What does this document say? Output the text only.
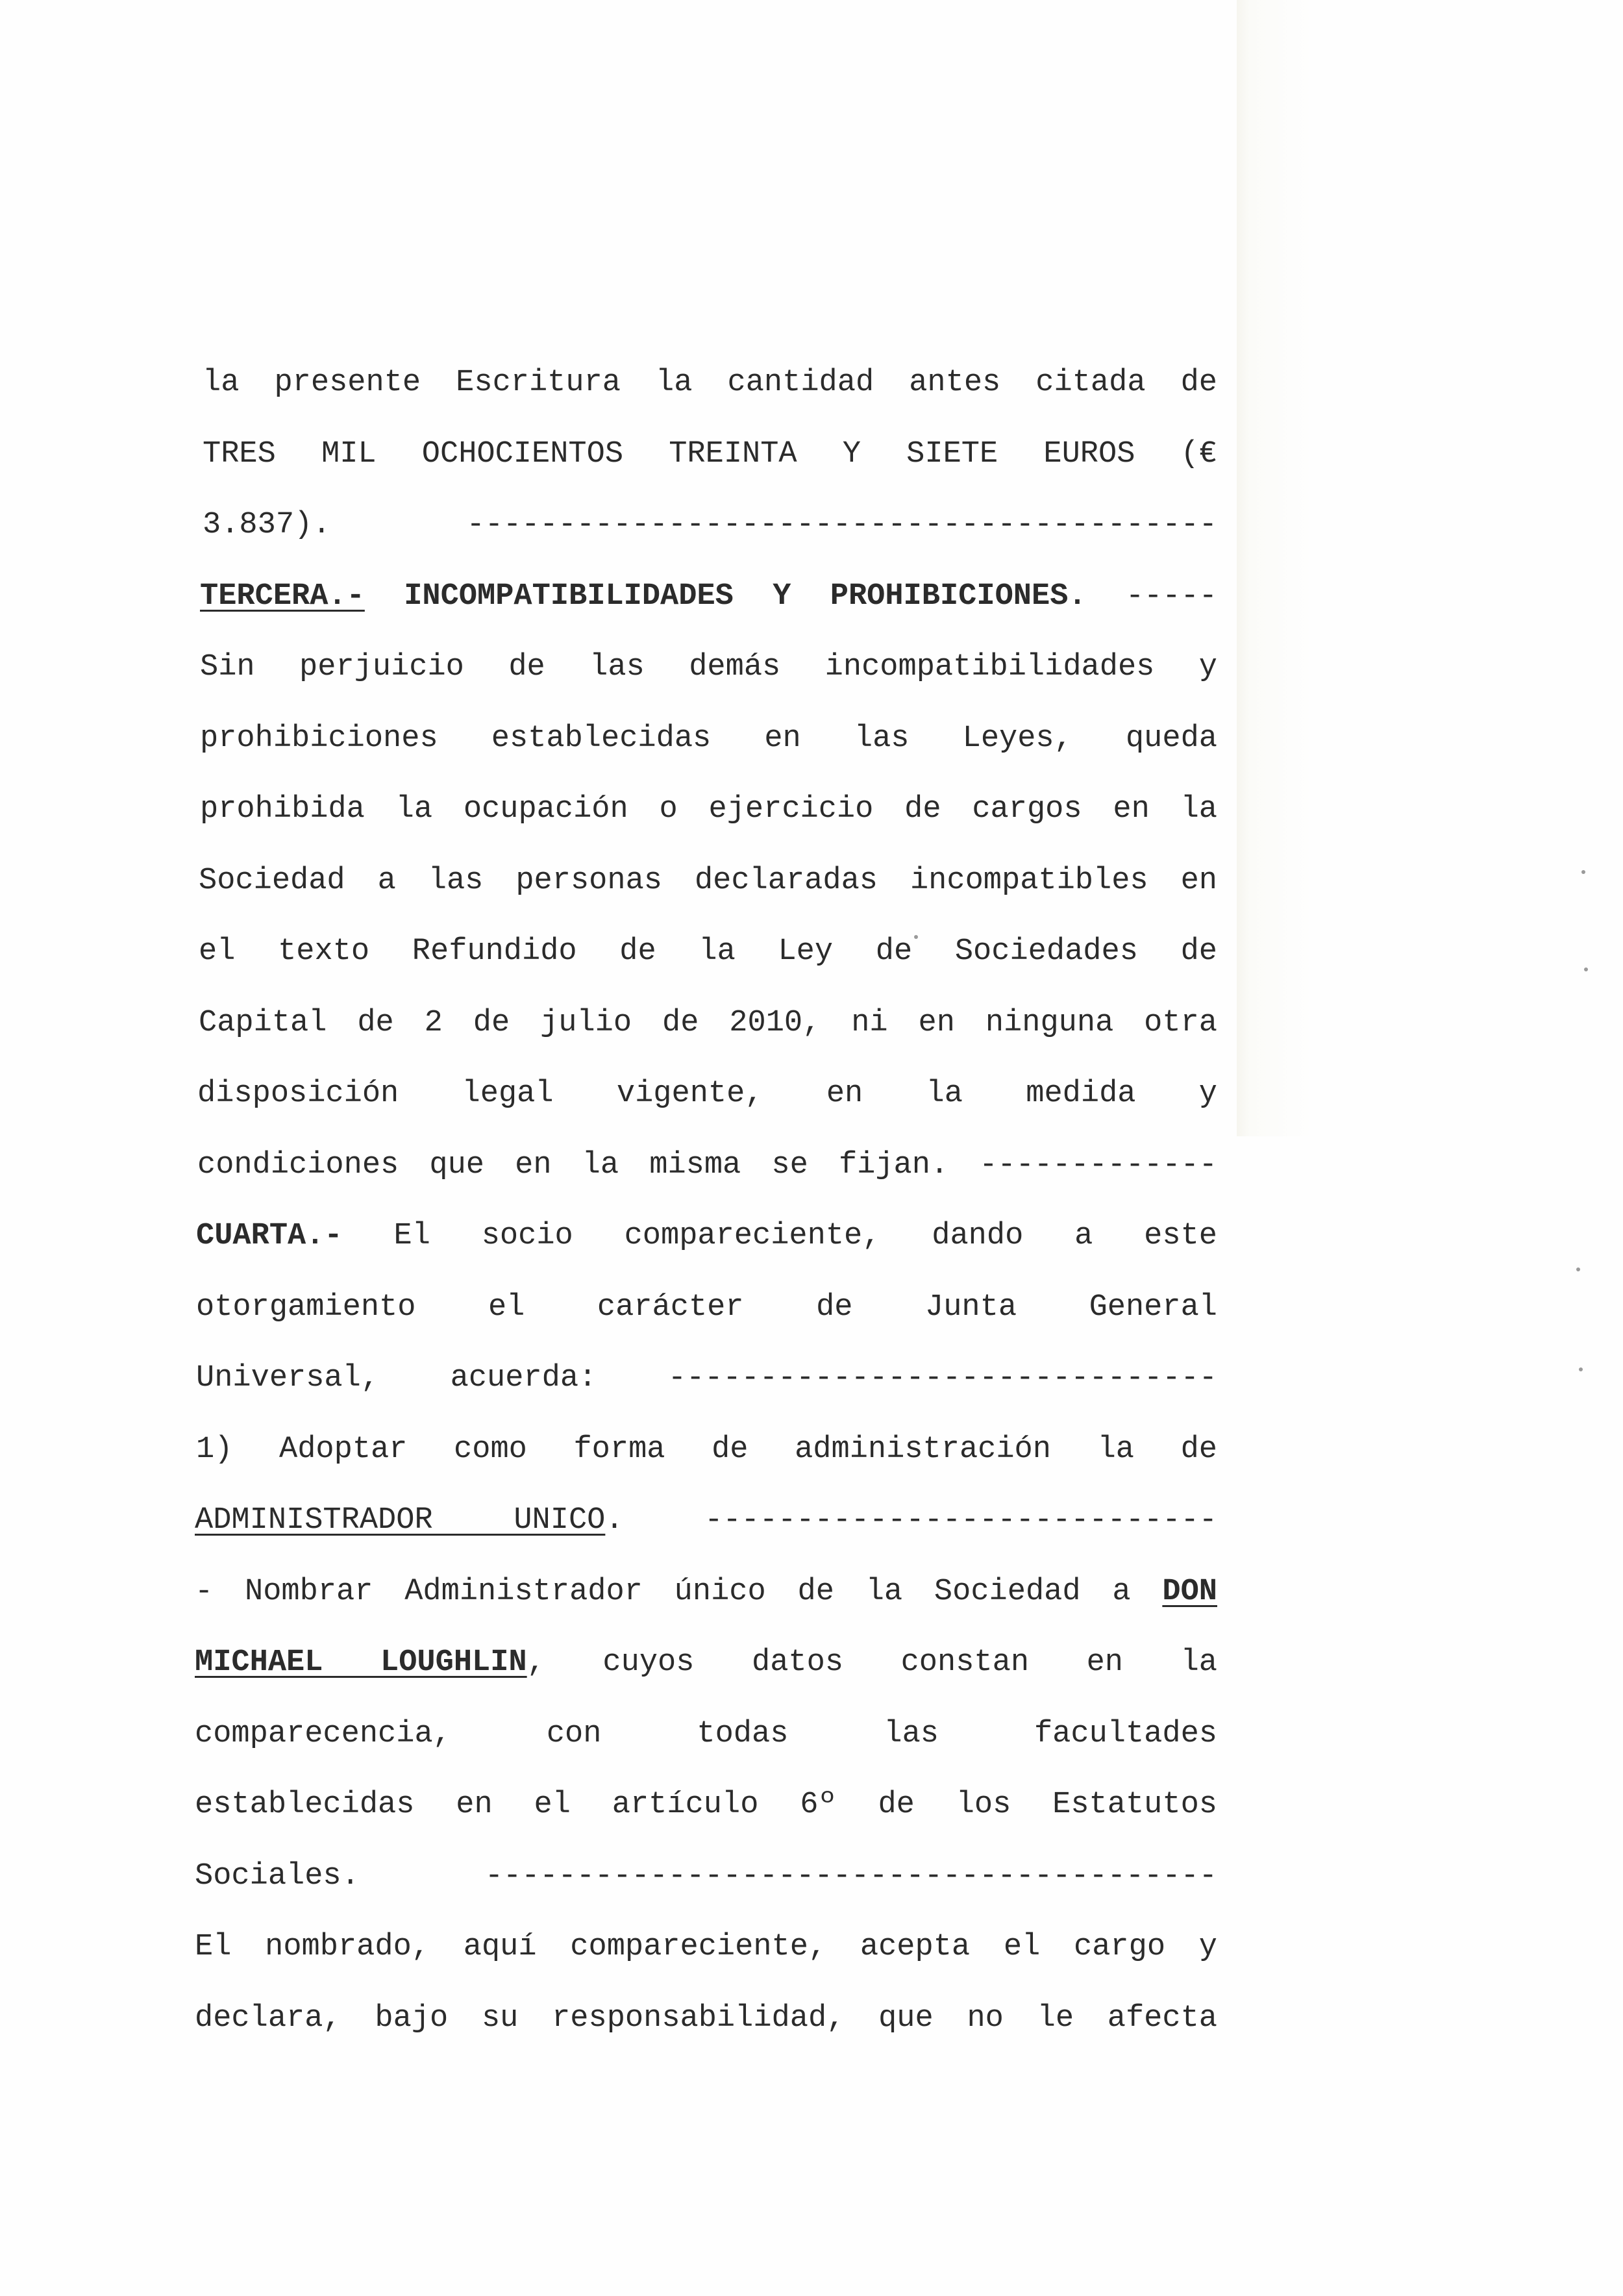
la presente Escritura la cantidad antes citada de
TRES MIL OCHOCIENTOS TREINTA Y SIETE EUROS (€
3.837).	-----------------------------------------
TERCERA.- INCOMPATIBILIDADES Y PROHIBICIONES. -----
Sin perjuicio de las demás incompatibilidades y
prohibiciones establecidas en las Leyes, queda
prohibida la ocupación o ejercicio de cargos en la
Sociedad a las personas declaradas incompatibles en
el texto Refundido de la Ley de Sociedades de
Capital de 2 de julio de 2010, ni en ninguna otra
disposición legal vigente, en la medida y
condiciones que en la misma se fijan. -------------
CUARTA.- El socio compareciente, dando a este
otorgamiento el carácter de Junta General
Universal, acuerda: ------------------------------
1) Adoptar como forma de administración la de
ADMINISTRADOR UNICO.	----------------------------
- Nombrar Administrador único de la Sociedad a DON
MICHAEL LOUGHLIN, cuyos datos constan en la
comparecencia, con todas las facultades
establecidas en el artículo 6º de los Estatutos
Sociales.	----------------------------------------
El nombrado, aquí compareciente, acepta el cargo y
declara, bajo su responsabilidad, que no le afecta
